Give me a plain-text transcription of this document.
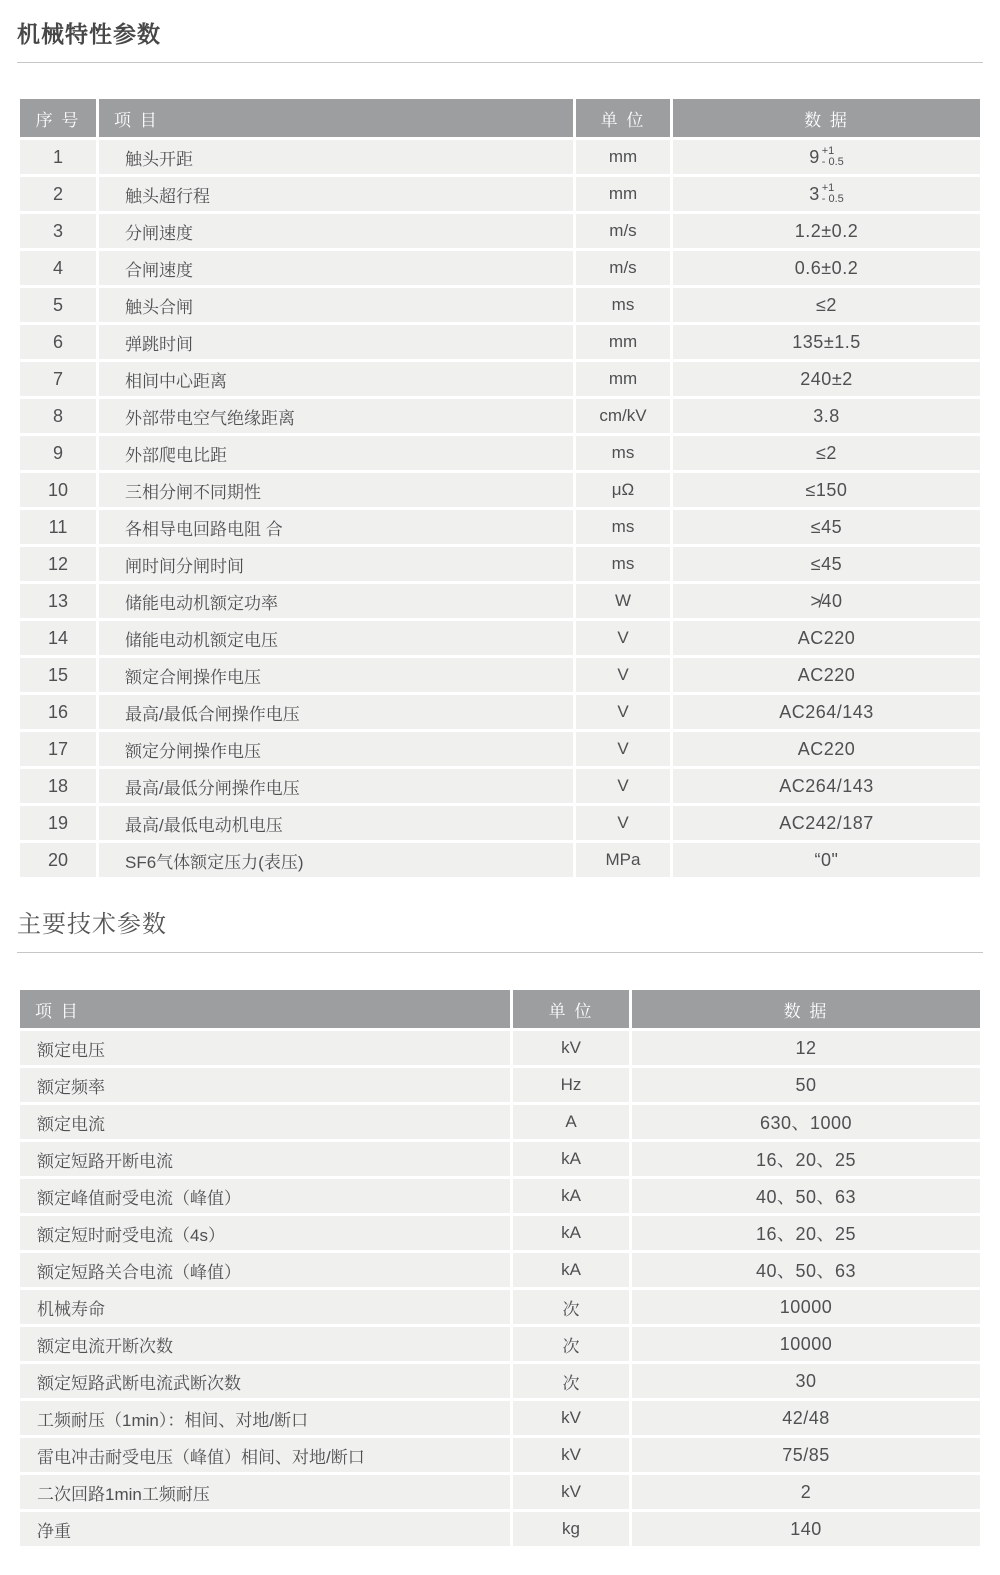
机械特性参数
序 号	项 目	单 位	数 据
1	触头开距	mm	9 +1
- 0.5

2	触头超行程	mm	3 +1
- 0.5

3	分闸速度	m/s	1.2±0.2
4	合闸速度	m/s	0.6±0.2
5	触头合闸	ms	≤2
6	弹跳时间	mm	135±1.5
7	相间中心距离	mm	240±2
8	外部带电空气绝缘距离	cm/kV	3.8
9	外部爬电比距	ms	≤2
10	三相分闸不同期性	μΩ	≤150
11	各相导电回路电阻 合	ms	≤45
12	闸时间分闸时间	ms	≤45
13	储能电动机额定功率	W	≯40
14	储能电动机额定电压	V	AC220
15	额定合闸操作电压	V	AC220
16	最高/最低合闸操作电压	V	AC264/143
17	额定分闸操作电压	V	AC220
18	最高/最低分闸操作电压	V	AC264/143
19	最高/最低电动机电压	V	AC242/187
20	SF6气体额定压力(表压)	MPa	“0"
主要技术参数
项 目	单 位	数 据
额定电压	kV	12
额定频率	Hz	50
额定电流	A	630、1000
额定短路开断电流	kA	16、20、25
额定峰值耐受电流（峰值）	kA	40、50、63
额定短时耐受电流（4s）	kA	16、20、25
额定短路关合电流（峰值）	kA	40、50、63
机械寿命	次	10000
额定电流开断次数	次	10000
额定短路武断电流武断次数	次	30
工频耐压（1min）：相间、对地/断口	kV	42/48
雷电冲击耐受电压（峰值）相间、对地/断口	kV	75/85
二次回路1min工频耐压	kV	2
净重	kg	140
